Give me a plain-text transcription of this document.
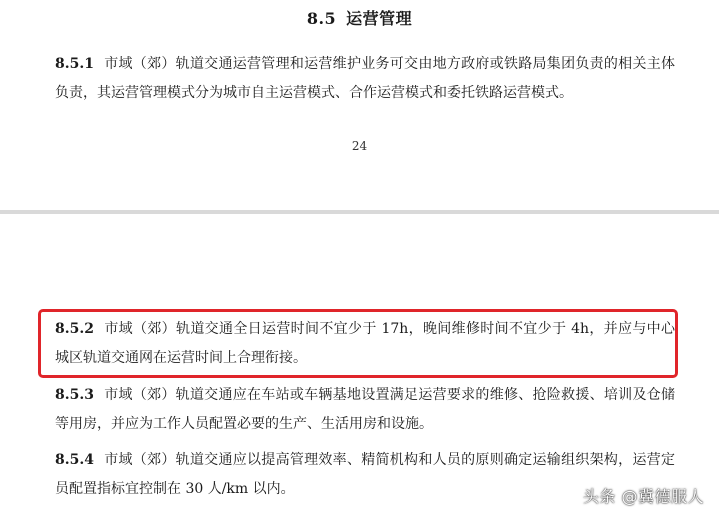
8.5 运营管理
8.5.1 市域（郊）轨道交通运营管理和运营维护业务可交由地方政府或铁路局集团负责的相关主体负责，其运营管理模式分为城市自主运营模式、合作运营模式和委托铁路运营模式。
24
8.5.2 市域（郊）轨道交通全日运营时间不宜少于 17h，晚间维修时间不宜少于 4h，并应与中心城区轨道交通网在运营时间上合理衔接。
8.5.3 市域（郊）轨道交通应在车站或车辆基地设置满足运营要求的维修、抢险救援、培训及仓储等用房，并应为工作人员配置必要的生产、生活用房和设施。
8.5.4 市域（郊）轨道交通应以提高管理效率、精简机构和人员的原则确定运输组织架构，运营定员配置指标宜控制在 30 人/km 以内。	头条 @冀德服人
